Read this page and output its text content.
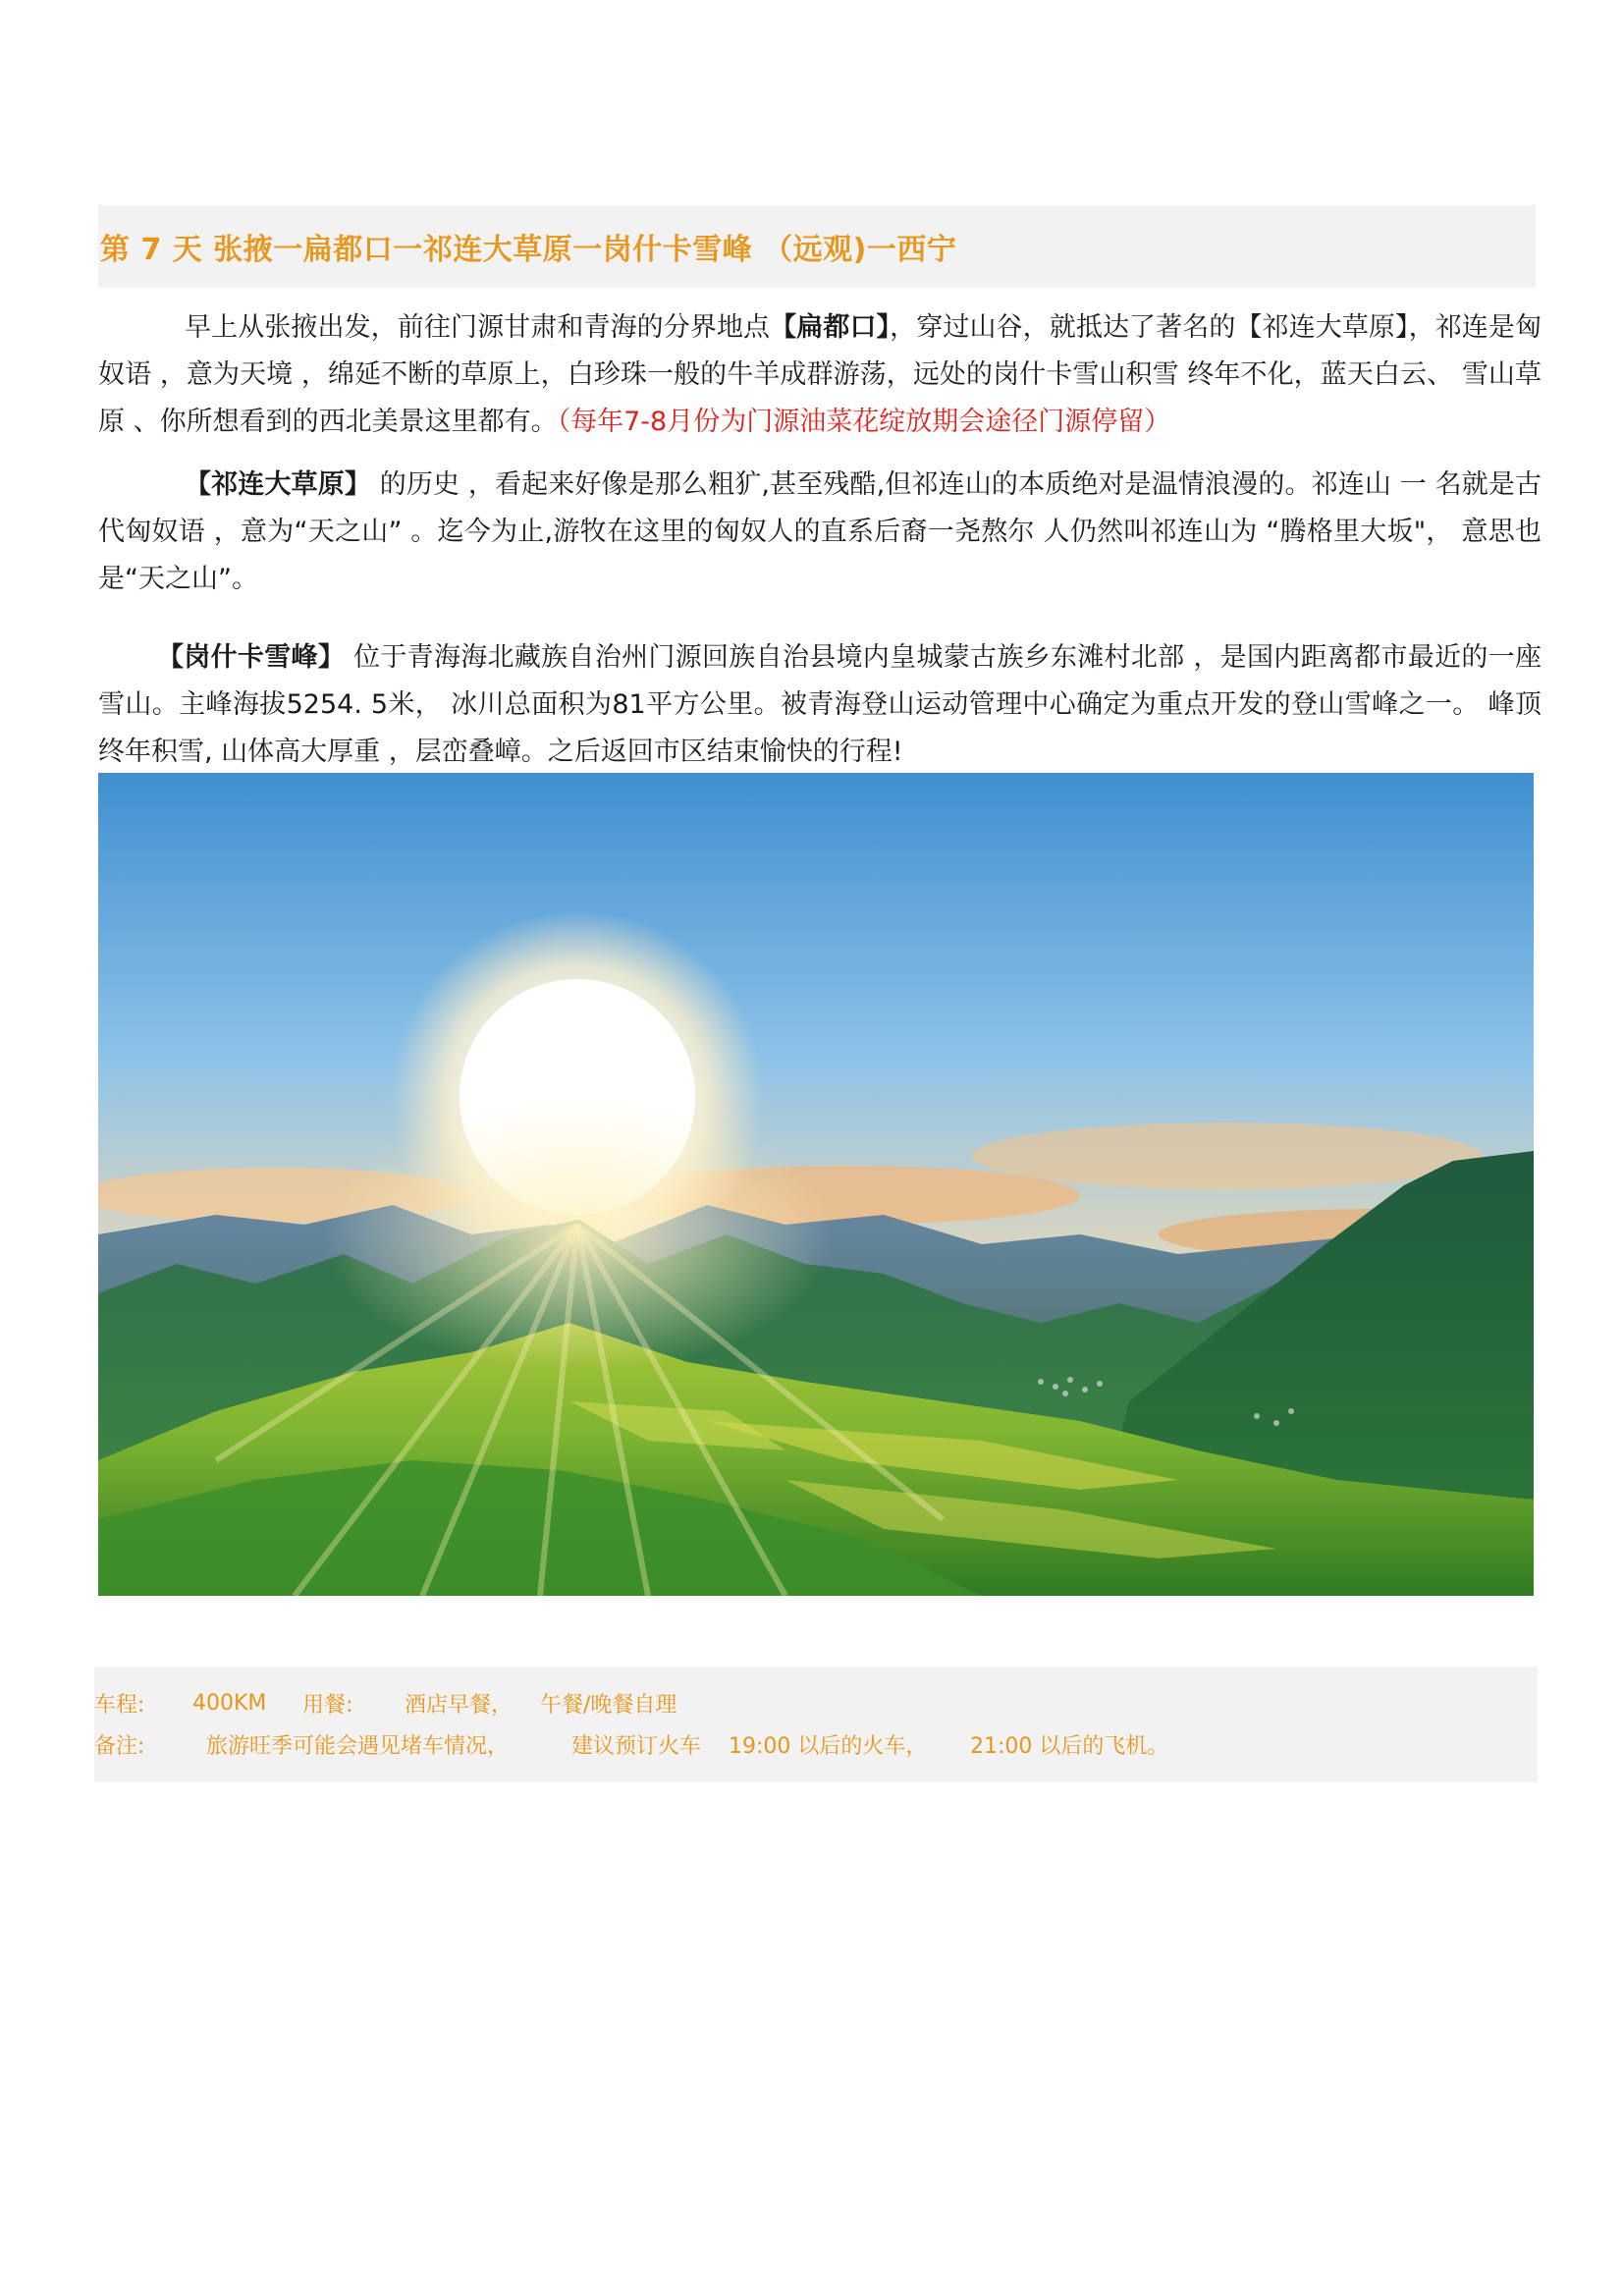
第 7 天 张掖一扁都口一祁连大草原一岗什卡雪峰 （远观)一西宁

早上从张掖出发，前往门源甘肃和青海的分界地点【扁都口】，穿过山谷，就抵达了著名的【祁连大草原】，祁连是匈奴语 ，意为天境 ，绵延不断的草原上，白珍珠一般的牛羊成群游荡，远处的岗什卡雪山积雪 终年不化，蓝天白云、 雪山草原 、你所想看到的西北美景这里都有。（每年7-8月份为门源油菜花绽放期会途径门源停留）

【祁连大草原】 的历史 ，看起来好像是那么粗犷,甚至残酷,但祁连山的本质绝对是温情浪漫的。祁连山 一 名就是古代匈奴语 ，意为“天之山” 。迄今为止,游牧在这里的匈奴人的直系后裔一尧熬尔 人仍然叫祁连山为 “腾格里大坂"， 意思也是“天之山”。

【岗什卡雪峰】 位于青海海北藏族自治州门源回族自治县境内皇城蒙古族乡东滩村北部 ，是国内距离都市最近的一座雪山。主峰海拔5254. 5米， 冰川总面积为81平方公里。被青海登山运动管理中心确定为重点开发的登山雪峰之一。 峰顶终年积雪, 山体高大厚重 ，层峦叠嶂。之后返回市区结束愉快的行程!

车程:	400KM	用餐:	酒店早餐，	午餐/晚餐自理
备注:	旅游旺季可能会遇见堵车情况，	建议预订火车	19:00 以后的火车，	21:00 以后的飞机。
